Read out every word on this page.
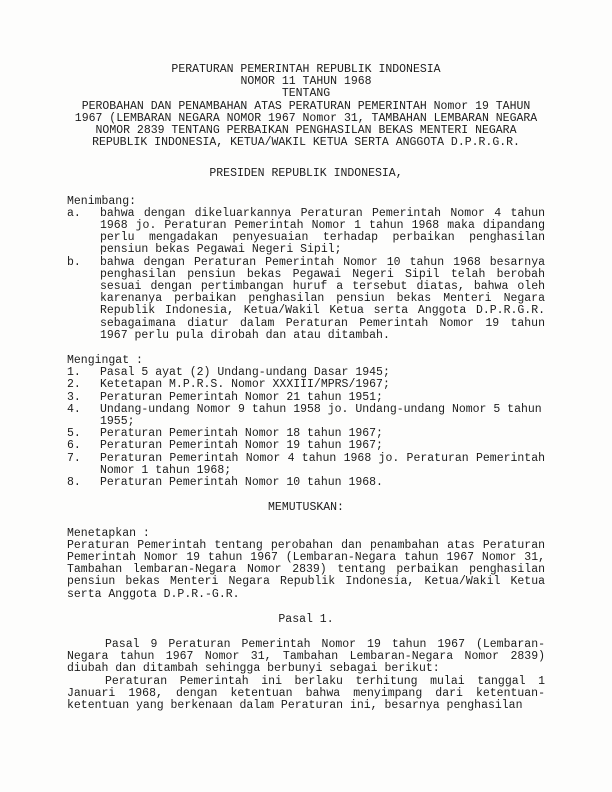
PERATURAN PEMERINTAH REPUBLIK INDONESIA
NOMOR 11 TAHUN 1968
TENTANG
PEROBAHAN DAN PENAMBAHAN ATAS PERATURAN PEMERINTAH Nomor 19 TAHUN 1967 (LEMBARAN NEGARA NOMOR 1967 Nomor 31, TAMBAHAN LEMBARAN NEGARA NOMOR 2839 TENTANG PERBAIKAN PENGHASILAN BEKAS MENTERI NEGARA REPUBLIK INDONESIA, KETUA/WAKIL KETUA SERTA ANGGOTA D.P.R.G.R.
PRESIDEN REPUBLIK INDONESIA,
Menimbang:
a.	bahwa dengan dikeluarkannya Peraturan Pemerintah Nomor 4 tahun 1968 jo. Peraturan Pemerintah Nomor 1 tahun 1968 maka dipandang perlu mengadakan penyesuaian terhadap perbaikan penghasilan pensiun bekas Pegawai Negeri Sipil;
b.	bahwa dengan Peraturan Pemerintah Nomor 10 tahun 1968 besarnya penghasilan pensiun bekas Pegawai Negeri Sipil telah berobah sesuai dengan pertimbangan huruf a tersebut diatas, bahwa oleh karenanya perbaikan penghasilan pensiun bekas Menteri Negara Republik Indonesia, Ketua/Wakil Ketua serta Anggota D.P.R.G.R. sebagaimana diatur dalam Peraturan Pemerintah Nomor 19 tahun 1967 perlu pula dirobah dan atau ditambah.
Mengingat :
1.	Pasal 5 ayat (2) Undang-undang Dasar 1945;
2.	Ketetapan M.P.R.S. Nomor XXXIII/MPRS/1967;
3.	Peraturan Pemerintah Nomor 21 tahun 1951;
4.	Undang-undang Nomor 9 tahun 1958 jo. Undang-undang Nomor 5 tahun 1955;
5.	Peraturan Pemerintah Nomor 18 tahun 1967;
6.	Peraturan Pemerintah Nomor 19 tahun 1967;
7.	Peraturan Pemerintah Nomor 4 tahun 1968 jo. Peraturan Pemerintah Nomor 1 tahun 1968;
8.	Peraturan Pemerintah Nomor 10 tahun 1968.
MEMUTUSKAN:
Menetapkan :
Peraturan Pemerintah tentang perobahan dan penambahan atas Peraturan Pemerintah Nomor 19 tahun 1967 (Lembaran-Negara tahun 1967 Nomor 31, Tambahan lembaran-Negara Nomor 2839) tentang perbaikan penghasilan pensiun bekas Menteri Negara Republik Indonesia, Ketua/Wakil Ketua serta Anggota D.P.R.-G.R.
Pasal 1.

Pasal 9 Peraturan Pemerintah Nomor 19 tahun 1967 (Lembaran-Negara tahun 1967 Nomor 31, Tambahan Lembaran-Negara Nomor 2839) diubah dan ditambah sehingga berbunyi sebagai berikut:

Peraturan Pemerintah ini berlaku terhitung mulai tanggal 1 Januari 1968, dengan ketentuan bahwa menyimpang dari ketentuan-ketentuan yang berkenaan dalam Peraturan ini, besarnya penghasilan
